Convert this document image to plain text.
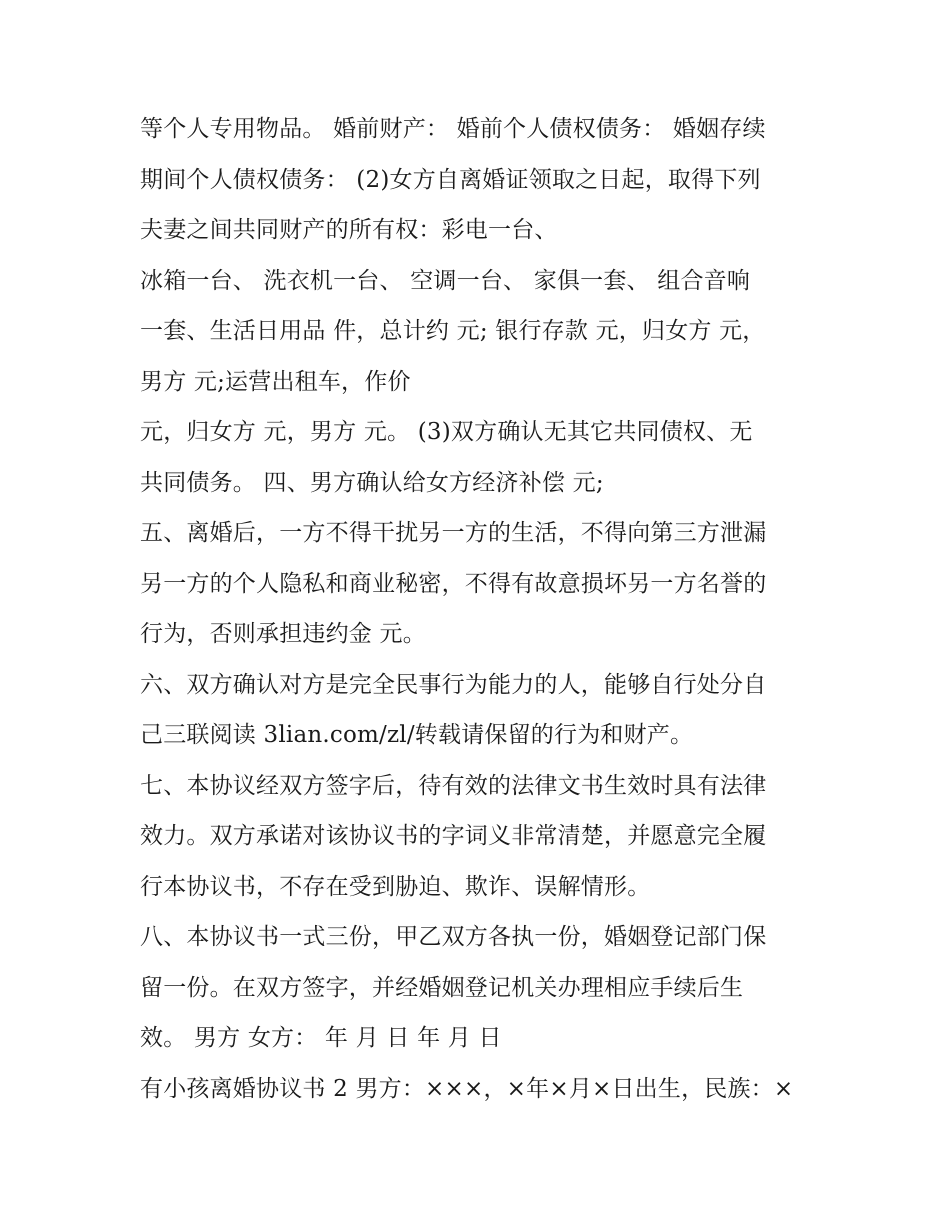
等个人专用物品。 婚前财产： 婚前个人债权债务： 婚姻存续
期间个人债权债务： (2)女方自离婚证领取之日起，取得下列
夫妻之间共同财产的所有权：彩电一台、
冰箱一台、 洗衣机一台、 空调一台、 家俱一套、 组合音响
一套、生活日用品 件，总计约 元; 银行存款 元，归女方 元，
男方 元;运营出租车，作价
元，归女方 元，男方 元。 (3)双方确认无其它共同债权、无
共同债务。 四、男方确认给女方经济补偿 元;
五、离婚后，一方不得干扰另一方的生活，不得向第三方泄漏
另一方的个人隐私和商业秘密，不得有故意损坏另一方名誉的
行为，否则承担违约金 元。
六、双方确认对方是完全民事行为能力的人，能够自行处分自
己三联阅读 3lian.com/zl/转载请保留的行为和财产。
七、本协议经双方签字后，待有效的法律文书生效时具有法律
效力。双方承诺对该协议书的字词义非常清楚，并愿意完全履
行本协议书，不存在受到胁迫、欺诈、误解情形。
八、本协议书一式三份，甲乙双方各执一份，婚姻登记部门保
留一份。在双方签字，并经婚姻登记机关办理相应手续后生
效。 男方 女方： 年 月 日 年 月 日
有小孩离婚协议书 2 男方：×××，×年×月×日出生，民族：×
